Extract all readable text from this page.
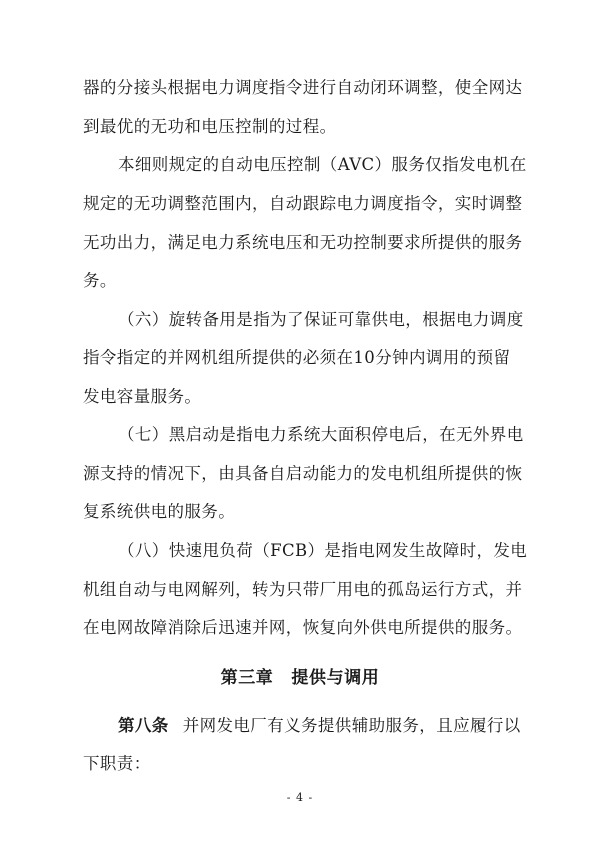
器的分接头根据电力调度指令进行自动闭环调整，使全网达
到最优的无功和电压控制的过程。
本细则规定的自动电压控制（AVC）服务仅指发电机在
规定的无功调整范围内，自动跟踪电力调度指令，实时调整
无功出力，满足电力系统电压和无功控制要求所提供的服务
务。
（六）旋转备用是指为了保证可靠供电，根据电力调度
指令指定的并网机组所提供的必须在10分钟内调用的预留
发电容量服务。
（七）黑启动是指电力系统大面积停电后，在无外界电
源支持的情况下，由具备自启动能力的发电机组所提供的恢
复系统供电的服务。
（八）快速甩负荷（FCB）是指电网发生故障时，发电
机组自动与电网解列，转为只带厂用电的孤岛运行方式，并
在电网故障消除后迅速并网，恢复向外供电所提供的服务。
第三章 提供与调用
第八条 并网发电厂有义务提供辅助服务，且应履行以
下职责：
- 4 -
